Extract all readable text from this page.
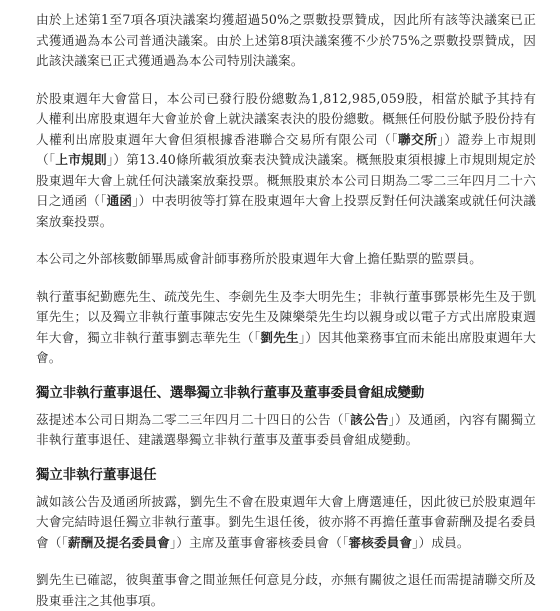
由於上述第1至7項各項決議案均獲超過50%之票數投票贊成，因此所有該等決議案已正式獲通過為本公司普通決議案。由於上述第8項決議案獲不少於75%之票數投票贊成，因此該決議案已正式獲通過為本公司特別決議案。

於股東週年大會當日，本公司已發行股份總數為1,812,985,059股，相當於賦予其持有人權利出席股東週年大會並於會上就決議案表決的股份總數。概無任何股份賦予股份持有人權利出席股東週年大會但須根據香港聯合交易所有限公司（「聯交所」）證券上市規則（「上市規則」）第13.40條所載須放棄表決贊成決議案。概無股東須根據上市規則規定於股東週年大會上就任何決議案放棄投票。概無股東於本公司日期為二零二三年四月二十六日之通函（「通函」）中表明彼等打算在股東週年大會上投票反對任何決議案或就任何決議案放棄投票。

本公司之外部核數師畢馬威會計師事務所於股東週年大會上擔任點票的監票員。

執行董事紀勤應先生、疏茂先生、李劍先生及李大明先生；非執行董事鄧景彬先生及于凱軍先生；以及獨立非執行董事陳志安先生及陳樂榮先生均以親身或以電子方式出席股東週年大會，獨立非執行董事劉志華先生（「劉先生」）因其他業務事宜而未能出席股東週年大會。

獨立非執行董事退任、選舉獨立非執行董事及董事委員會組成變動

茲提述本公司日期為二零二三年四月二十四日的公告（「該公告」）及通函，內容有關獨立非執行董事退任、建議選舉獨立非執行董事及董事委員會組成變動。

獨立非執行董事退任

誠如該公告及通函所披露，劉先生不會在股東週年大會上膺選連任，因此彼已於股東週年大會完結時退任獨立非執行董事。劉先生退任後，彼亦將不再擔任董事會薪酬及提名委員會（「薪酬及提名委員會」）主席及董事會審核委員會（「審核委員會」）成員。

劉先生已確認，彼與董事會之間並無任何意見分歧，亦無有關彼之退任而需提請聯交所及股東垂注之其他事項。
